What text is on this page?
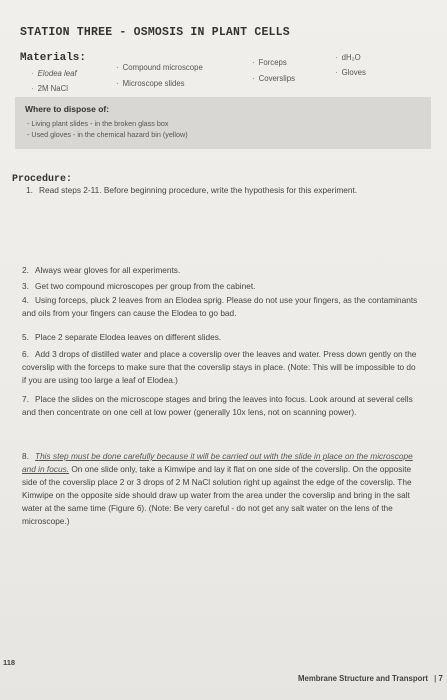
STATION THREE - OSMOSIS IN PLANT CELLS
Materials:
· Elodea leaf
· 2M NaCl
· Compound microscope
· Microscope slides
· Forceps
· Coverslips
· dH₂O
· Gloves
Where to dispose of:
- Living plant slides - in the broken glass box
- Used gloves - in the chemical hazard bin (yellow)
Procedure:
1. Read steps 2-11. Before beginning procedure, write the hypothesis for this experiment.
2. Always wear gloves for all experiments.
3. Get two compound microscopes per group from the cabinet.
4. Using forceps, pluck 2 leaves from an Elodea sprig. Please do not use your fingers, as the contaminants and oils from your fingers can cause the Elodea to go bad.
5. Place 2 separate Elodea leaves on different slides.
6. Add 3 drops of distilled water and place a coverslip over the leaves and water. Press down gently on the coverslip with the forceps to make sure that the coverslip stays in place. (Note: This will be impossible to do if you are using too large a leaf of Elodea.)
7. Place the slides on the microscope stages and bring the leaves into focus. Look around at several cells and then concentrate on one cell at low power (generally 10x lens, not on scanning power).
8. This step must be done carefully because it will be carried out with the slide in place on the microscope and in focus. On one slide only, take a Kimwipe and lay it flat on one side of the coverslip. On the opposite side of the coverslip place 2 or 3 drops of 2 M NaCl solution right up against the edge of the coverslip. The Kimwipe on the opposite side should draw up water from the area under the coverslip and bring in the salt water at the same time (Figure 6). (Note: Be very careful - do not get any salt water on the lens of the microscope.)
118
Membrane Structure and Transport | 7
